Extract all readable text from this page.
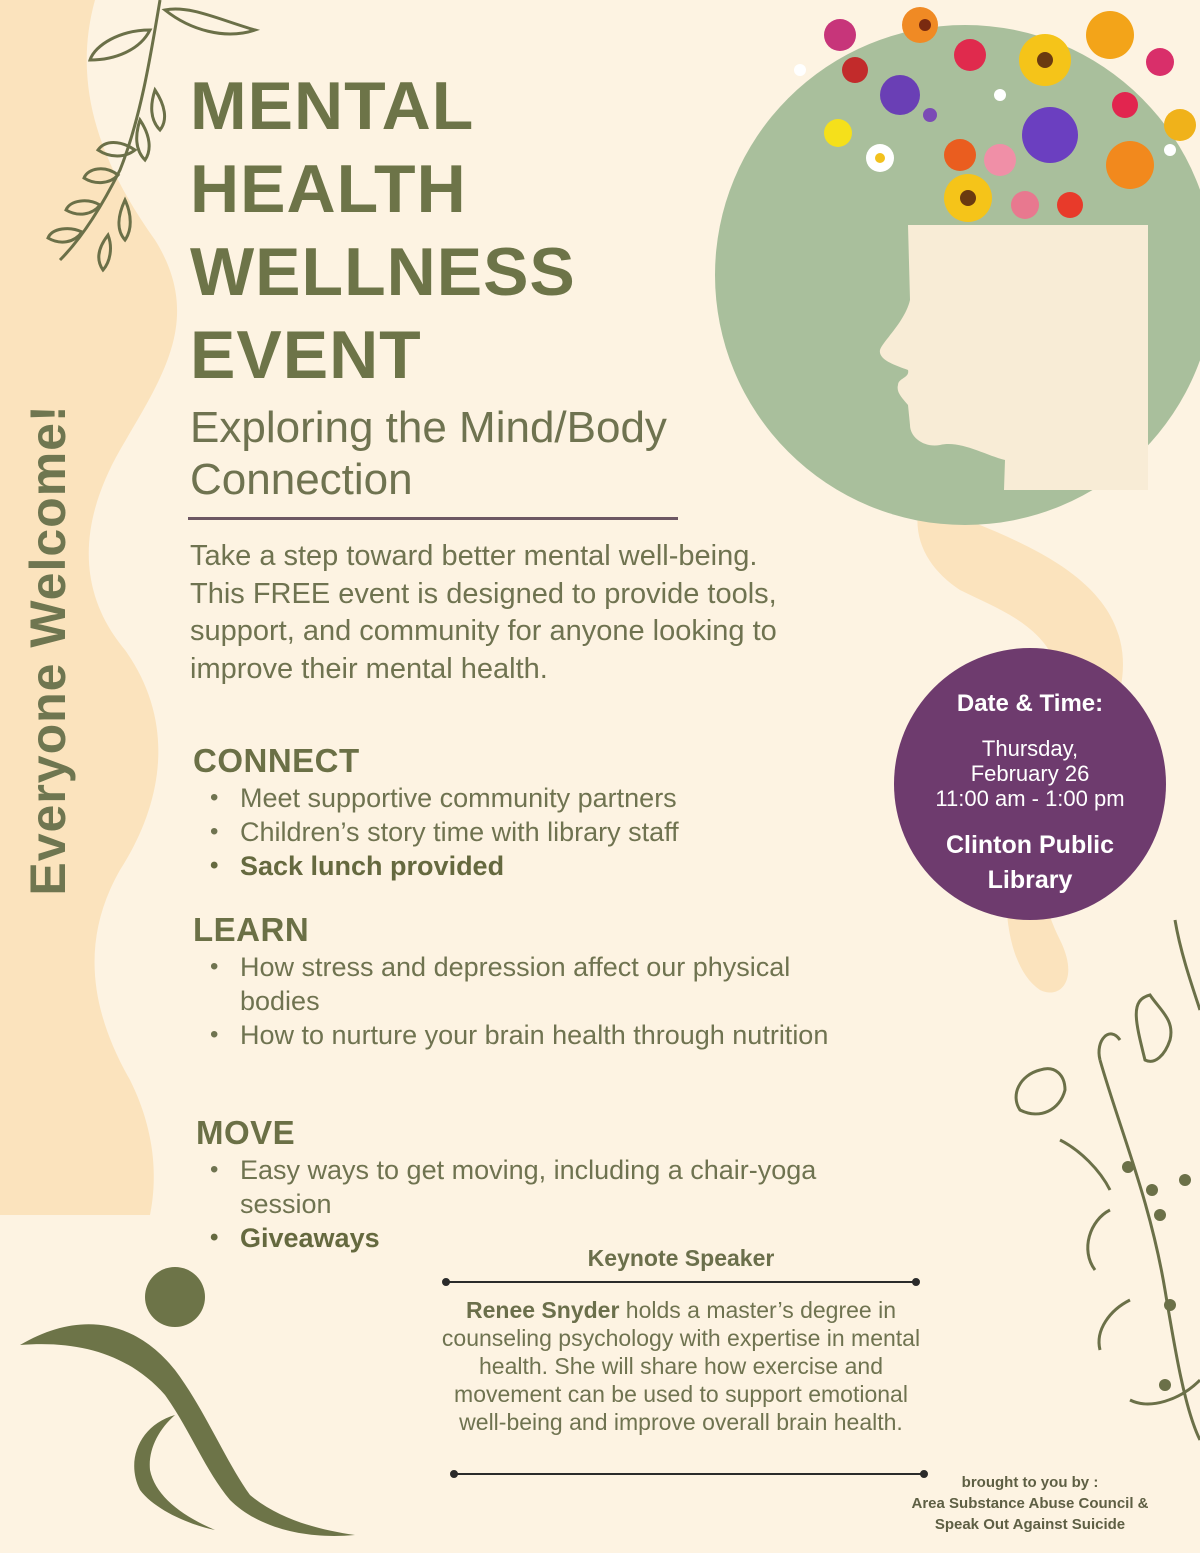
Everyone Welcome!
MENTAL
HEALTH
WELLNESS
EVENT
Exploring the Mind/Body Connection
Take a step toward better mental well-being. This FREE event is designed to provide tools, support, and community for anyone looking to improve their mental health.
CONNECT
• Meet supportive community partners
• Children’s story time with library staff
• Sack lunch provided
LEARN
• How stress and depression affect our physical bodies
• How to nurture your brain health through nutrition
MOVE
• Easy ways to get moving, including a chair-yoga session
• Giveaways
Date & Time:
Thursday,
February 26
11:00 am - 1:00 pm
Clinton Public Library
Keynote Speaker
Renee Snyder holds a master’s degree in counseling psychology with expertise in mental health. She will share how exercise and movement can be used to support emotional well-being and improve overall brain health.
brought to you by :
Area Substance Abuse Council &
Speak Out Against Suicide
